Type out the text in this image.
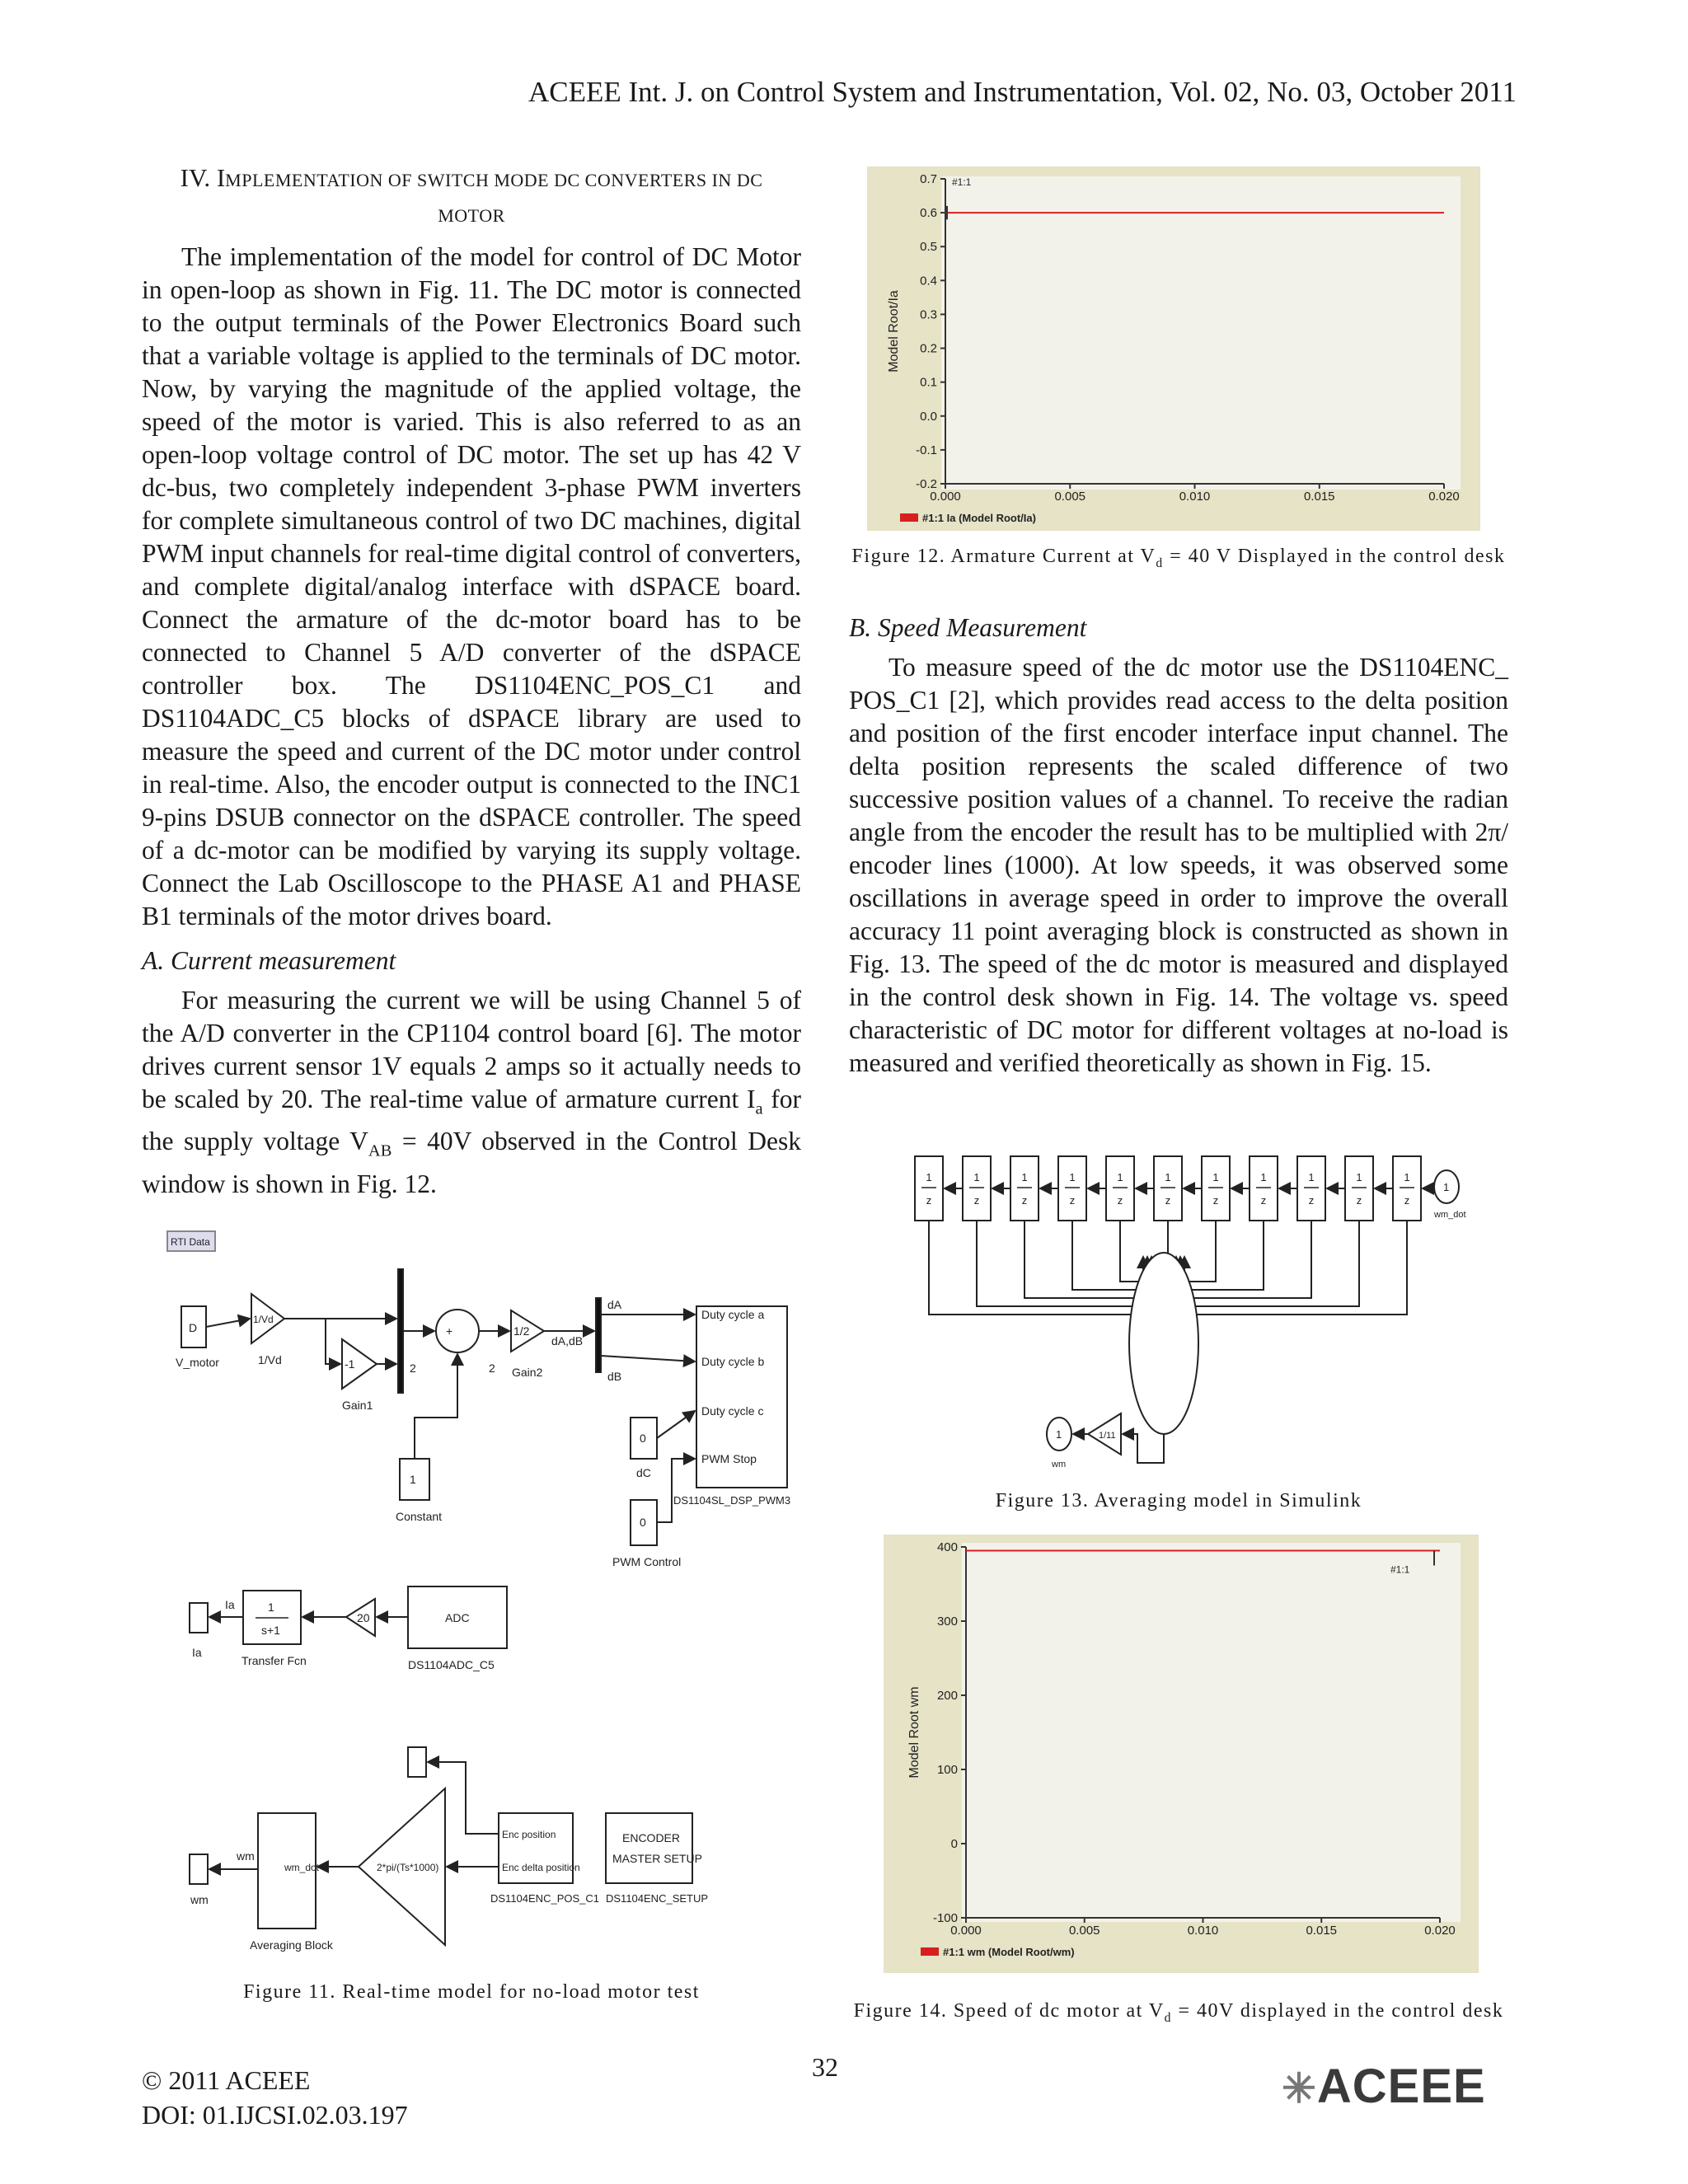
ACEEE Int. J. on Control System and Instrumentation, Vol. 02, No. 03, October 2011
IV. IMPLEMENTATION OF SWITCH MODE DC CONVERTERS IN DC
MOTOR

The implementation of the model for control of DC Motor in open-loop as shown in Fig. 11. The DC motor is connected to the output terminals of the Power Electronics Board such that a variable voltage is applied to the terminals of DC motor. Now, by varying the magnitude of the applied voltage, the speed of the motor is varied. This is also referred to as an open-loop voltage control of DC motor. The set up has 42 V dc-bus, two completely independent 3-phase PWM inverters for complete simultaneous control of two DC machines, digital PWM input channels for real-time digital control of converters, and complete digital/analog interface with dSPACE board. Connect the armature of the dc-motor board has to be connected to Channel 5 A/D converter of the dSPACE controller box. The DS1104ENC_POS_C1 and DS1104ADC_C5 blocks of dSPACE library are used to measure the speed and current of the DC motor under control in real-time. Also, the encoder output is connected to the INC1 9-pins DSUB connector on the dSPACE controller. The speed of a dc-motor can be modified by varying its supply voltage. Connect the Lab Oscilloscope to the PHASE A1 and PHASE B1 terminals of the motor drives board.

A. Current measurement

For measuring the current we will be using Channel 5 of the A/D converter in the CP1104 control board [6]. The motor drives current sensor 1V equals 2 amps so it actually needs to be scaled by 20. The real-time value of armature current $I_a$ for the supply voltage $V_{AB} = 40V$ observed in the Control Desk window is shown in Fig. 12.

RTI Data
D
V_motor
1/Vd
1/Vd	-1
Gain1
2	2
+	1/2
Gain2
dA,dB
dA
dB
1
Constant
Duty cycle a
Duty cycle b
Duty cycle c
PWM Stop
0
dC
0
PWM Control
DS1104SL_DSP_PWM3
Ia
Ia	1
s+1
Transfer Fcn
20	ADC
DS1104ADC_C5
wm
wm
wm_dot
Averaging Block
2*pi/(Ts*1000)
Enc position
Enc delta position
DS1104ENC_POS_C1
ENCODER
MASTER SETUP
DS1104ENC_SETUP
Figure 11. Real-time model for no-load motor test
-0.2
-0.1
0.0
0.1
0.2
0.3
0.4
0.5
0.6
0.7
0.000	0.005	0.010	0.015	0.020
Model Root/Ia
#1:1 Ia (Model Root/Ia)
#1:1
Figure 12. Armature Current at $V_d = 40$ V Displayed in the control desk
B. Speed Measurement

To measure speed of the dc motor use the DS1104ENC_ POS_C1 [2], which provides read access to the delta position and position of the first encoder interface input channel. The delta position represents the scaled difference of two successive position values of a channel. To receive the radian angle from the encoder the result has to be multiplied with 2π/ encoder lines (1000). At low speeds, it was observed some oscillations in average speed in order to improve the overall accuracy 11 point averaging block is constructed as shown in Fig. 13. The speed of the dc motor is measured and displayed in the control desk shown in Fig. 14. The voltage vs. speed characteristic of DC motor for different voltages at no-load is measured and verified theoretically as shown in Fig. 15.

1
z
1
z
1
z
1
z
1
z
1
z
1
z
1
z
1
z
1
z
1
z
1
wm
1/11
1
wm_dot
Figure 13. Averaging model in Simulink
-100
0
100
200
300
400
0.000	0.005	0.010	0.015	0.020
Model Root wm
#1:1 wm (Model Root/wm)
#1:1
Figure 14. Speed of dc motor at $V_d = 40V$ displayed in the control desk
© 2011 ACEEE
DOI: 01.IJCSI.02.03.197
32	✳ACEEE
